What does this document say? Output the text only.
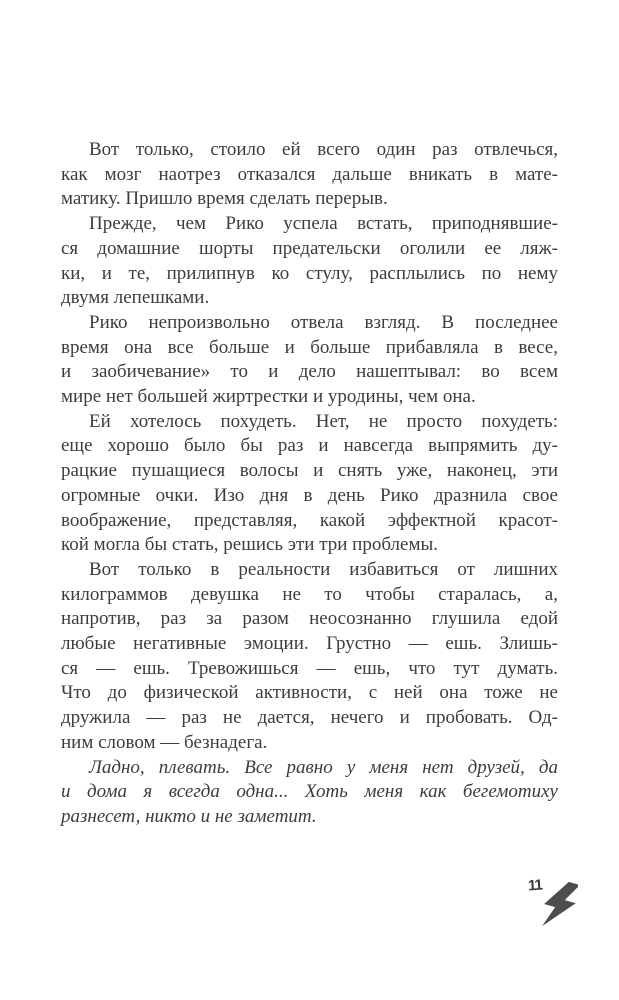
Вот только, стоило ей всего один раз отвлечься,
как мозг наотрез отказался дальше вникать в мате-
матику. Пришло время сделать перерыв.
Прежде, чем Рико успела встать, приподнявшие-
ся домашние шорты предательски оголили ее ляж-
ки, и те, прилипнув ко стулу, расплылись по нему
двумя лепешками.
Рико непроизвольно отвела взгляд. В последнее
время она все больше и больше прибавляла в весе,
и заобичевание» то и дело нашептывал: во всем
мире нет большей жиртрестки и уродины, чем она.
Ей хотелось похудеть. Нет, не просто похудеть:
еще хорошо было бы раз и навсегда выпрямить ду-
рацкие пушащиеся волосы и снять уже, наконец, эти
огромные очки. Изо дня в день Рико дразнила свое
воображение, представляя, какой эффектной красот-
кой могла бы стать, решись эти три проблемы.
Вот только в реальности избавиться от лишних
килограммов девушка не то чтобы старалась, а,
напротив, раз за разом неосознанно глушила едой
любые негативные эмоции. Грустно — ешь. Злишь-
ся — ешь. Тревожишься — ешь, что тут думать.
Что до физической активности, с ней она тоже не
дружила — раз не дается, нечего и пробовать. Од-
ним словом — безнадега.
Ладно, плевать. Все равно у меня нет друзей, да
и дома я всегда одна... Хоть меня как бегемотиху
разнесет, никто и не заметит.
11
